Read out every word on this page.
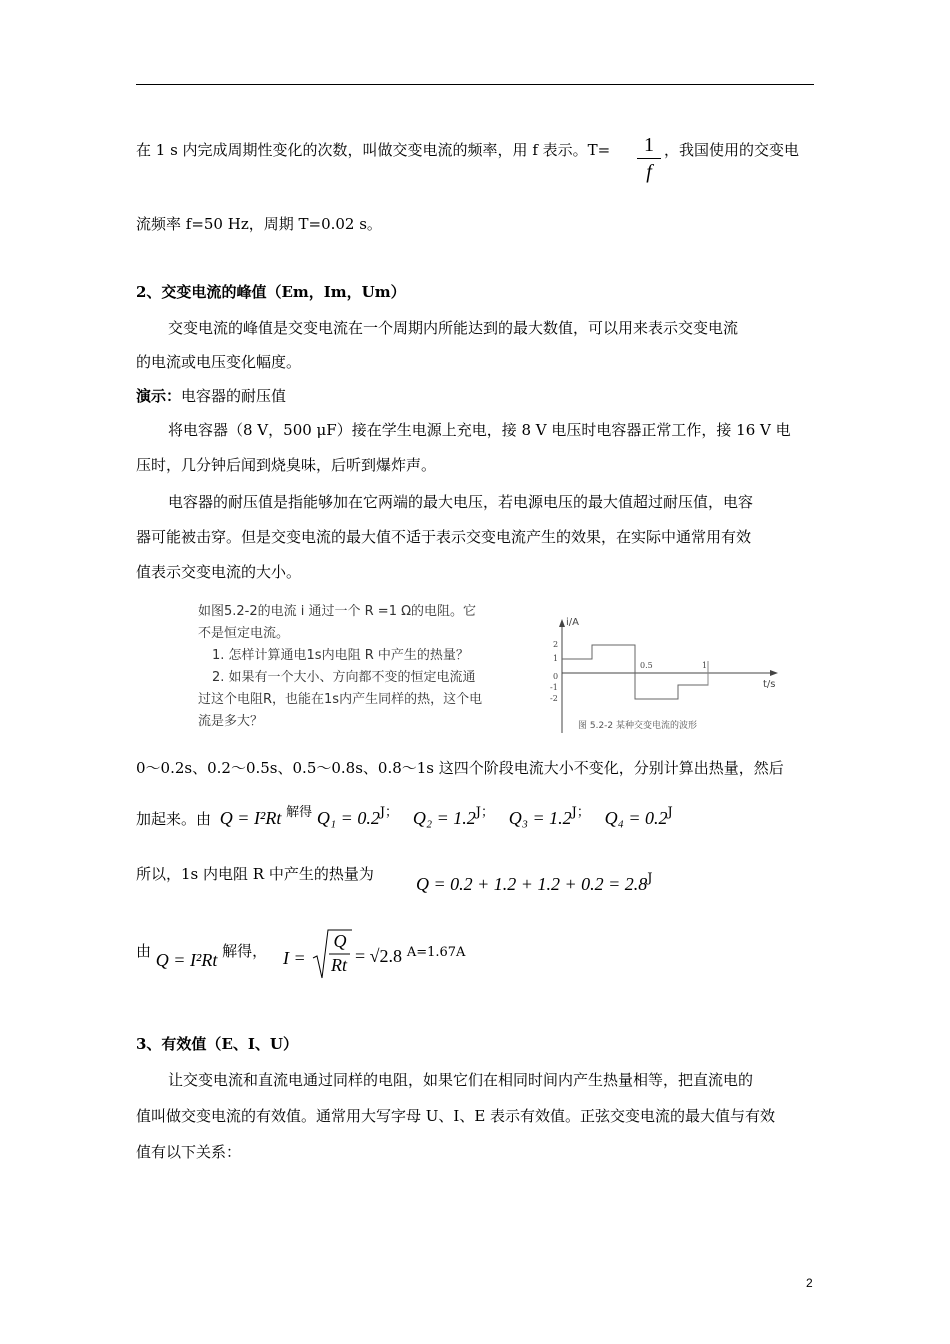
在 1 s 内完成周期性变化的次数，叫做交变电流的频率，用 f 表示。T=	1
f
，我国使用的交变电
流频率 f=50 Hz，周期 T=0.02 s。
2、交变电流的峰值（Em，Im，Um）
交变电流的峰值是交变电流在一个周期内所能达到的最大数值，可以用来表示交变电流
的电流或电压变化幅度。
演示：电容器的耐压值
将电容器（8 V，500 μF）接在学生电源上充电，接 8 V 电压时电容器正常工作，接 16 V 电
压时，几分钟后闻到烧臭味，后听到爆炸声。
电容器的耐压值是指能够加在它两端的最大电压，若电源电压的最大值超过耐压值，电容
器可能被击穿。但是交变电流的最大值不适于表示交变电流产生的效果，在实际中通常用有效
值表示交变电流的大小。
如图5.2-2的电流 i 通过一个 R =1 Ω的电阻。它
不是恒定电流。
1. 怎样计算通电1s内电阻 R 中产生的热量？
2. 如果有一个大小、方向都不变的恒定电流通
过这个电阻R，也能在1s内产生同样的热，这个电
流是多大？
i/A
t/s
2
1
0
-1
-2
0.5	1
图 5.2-2 某种交变电流的波形
0～0.2s、0.2～0.5s、0.5～0.8s、0.8～1s 这四个阶段电流大小不变化，分别计算出热量，然后
加起来。由 Q = I²Rt 解得 Q₁ = 0.2J； Q₂ = 1.2J； Q₃ = 1.2J； Q₄ = 0.2J
所以，1s 内电阻 R 中产生的热量为 Q = 0.2 + 1.2 + 1.2 + 0.2 = 2.8J
由 Q = I²Rt 解得， I =
Q
Rt = √2.8 A=1.67A
3、有效值（E、I、U）
让交变电流和直流电通过同样的电阻，如果它们在相同时间内产生热量相等，把直流电的
值叫做交变电流的有效值。通常用大写字母 U、I、E 表示有效值。正弦交变电流的最大值与有效
值有以下关系：
2
